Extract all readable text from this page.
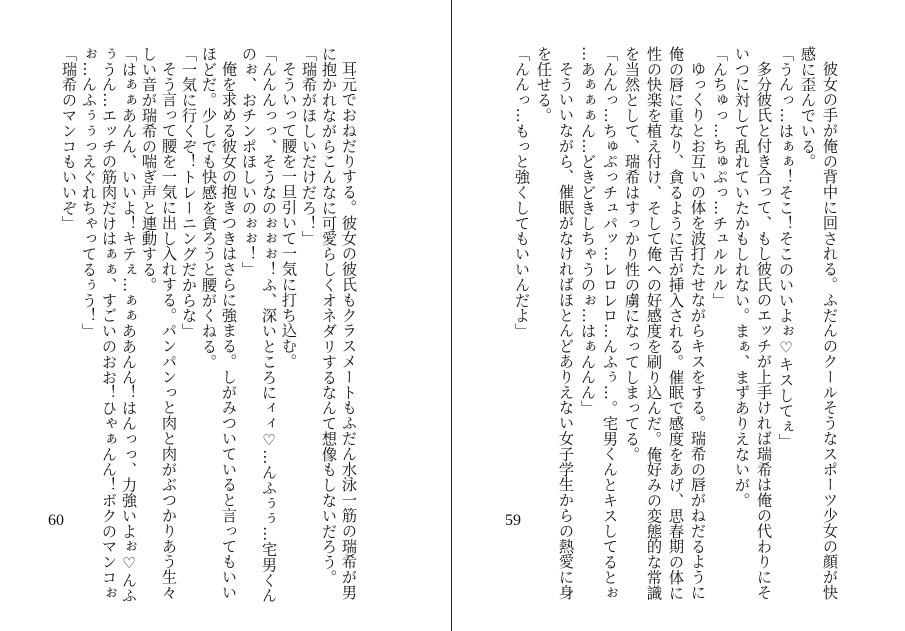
耳元でおねだりする。彼女の彼氏もクラスメートもふだん水泳一筋の瑞希が男
に抱かれながらこんなに可愛らしくオネダリするなんて想像もしないだろう。
「瑞希がほしいだけだろ！」
そういって腰を一旦引いて一気に打ち込む。
「んんんっっ、そうなのぉぉぉ！ふ、深いところにィィ♡…んふぅぅ…宅男くん
のぉ、おチンポほしいのぉぉ！」
俺を求める彼女の抱きつきはさらに強まる。しがみついていると言ってもいい
ほどだ。少しでも快感を貪ろうと腰がくねる。
「一気に行くぞ！トレーニングだからな」
そう言って腰を一気に出し入れする。パンパンっと肉と肉がぶつかりあう生々
しい音が瑞希の喘ぎ声と連動する。
「はぁぁあんん、いいよ！キテぇ…ぁぁああんん！はんっっ、力強いよぉ♡んふ
ぅうん…エッチの筋肉だけはぁぁ、すごいのおお！ひゃぁんん！ボクのマンコぉ
ぉ…んふぅぅっえぐれちゃってるぅう！」
「瑞希のマンコもいいぞ」
60	彼女の手が俺の背中に回される。ふだんのクールそうなスポーツ少女の顔が快
感に歪んでいる。
「うんっ…はぁぁ！そこ！そこのいいよぉ♡キスしてぇ」
多分彼氏と付き合って、もし彼氏のエッチが上手ければ瑞希は俺の代わりにそ
いつに対して乱れていたかもしれない。まぁ、まずありえないが。
「んちゅっ…ちゅぷっ…チュルルル」
ゆっくりとお互いの体を波打たせながらキスをする。瑞希の唇がねだるように
俺の唇に重なり、貪るように舌が挿入される。催眠で感度をあげ、思春期の体に
性の快楽を植え付け、そして俺への好感度を刷り込んだ。俺好みの変態的な常識
を当然として、瑞希はすっかり性の虜になってしまってる。
「んんっ…ちゅぷっチュパッ…レロレロ…んふぅ…。宅男くんとキスしてるとぉ
…あぁぁぁん…どきどきしちゃうのぉ…はぁんんん」
そういいながら、催眠がなければほとんどありえない女子学生からの熱愛に身
を任せる。
「んんっ…もっと強くしてもいいんだよ」
59
